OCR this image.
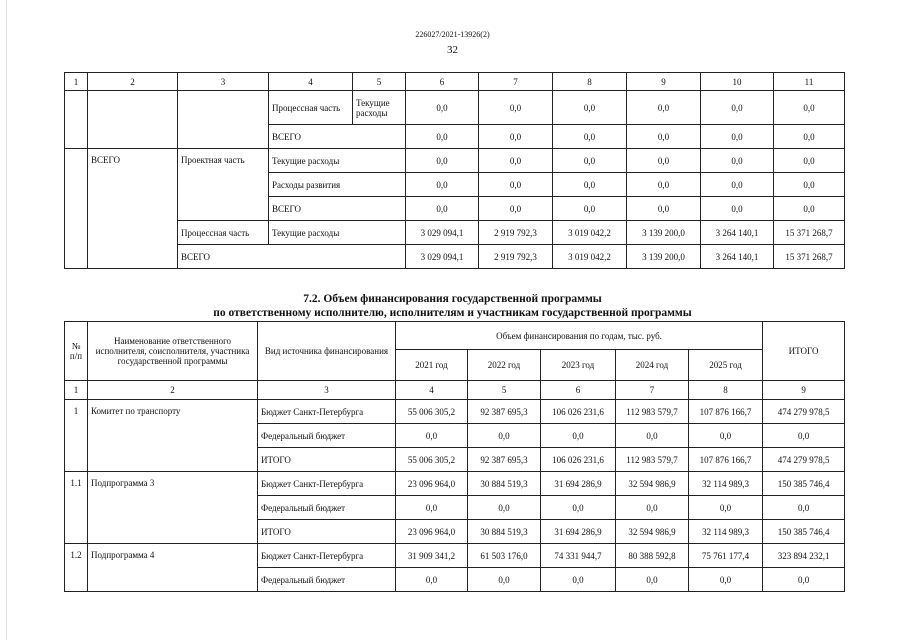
226027/2021-13926(2)
32
1	2	3	4	5	6	7	8	9	10	11
			Процессная часть	Текущие расходы	0,0	0,0	0,0	0,0	0,0	0,0
			ВСЕГО		0,0	0,0	0,0	0,0	0,0	0,0
	ВСЕГО	Проектная часть	Текущие расходы		0,0	0,0	0,0	0,0	0,0	0,0
			Расходы развития		0,0	0,0	0,0	0,0	0,0	0,0
			ВСЕГО		0,0	0,0	0,0	0,0	0,0	0,0
		Процессная часть	Текущие расходы		3 029 094,1	2 919 792,3	3 019 042,2	3 139 200,0	3 264 140,1	15 371 268,7
		ВСЕГО			3 029 094,1	2 919 792,3	3 019 042,2	3 139 200,0	3 264 140,1	15 371 268,7
7.2. Объем финансирования государственной программы
по ответственному исполнителю, исполнителям и участникам государственной программы
№ п/п	Наименование ответственного исполнителя, соисполнителя, участника государственной программы	Вид источника финансирования	Объем финансирования по годам, тыс. руб.					ИТОГО
			2021 год	2022 год	2023 год	2024 год	2025 год	
1	2	3	4	5	6	7	8	9
1	Комитет по транспорту	Бюджет Санкт-Петербурга	55 006 305,2	92 387 695,3	106 026 231,6	112 983 579,7	107 876 166,7	474 279 978,5
		Федеральный бюджет	0,0	0,0	0,0	0,0	0,0	0,0
		ИТОГО	55 006 305,2	92 387 695,3	106 026 231,6	112 983 579,7	107 876 166,7	474 279 978,5
1.1	Подпрограмма 3	Бюджет Санкт-Петербурга	23 096 964,0	30 884 519,3	31 694 286,9	32 594 986,9	32 114 989,3	150 385 746,4
		Федеральный бюджет	0,0	0,0	0,0	0,0	0,0	0,0
		ИТОГО	23 096 964,0	30 884 519,3	31 694 286,9	32 594 986,9	32 114 989,3	150 385 746,4
1.2	Подпрограмма 4	Бюджет Санкт-Петербурга	31 909 341,2	61 503 176,0	74 331 944,7	80 388 592,8	75 761 177,4	323 894 232,1
		Федеральный бюджет	0,0	0,0	0,0	0,0	0,0	0,0
